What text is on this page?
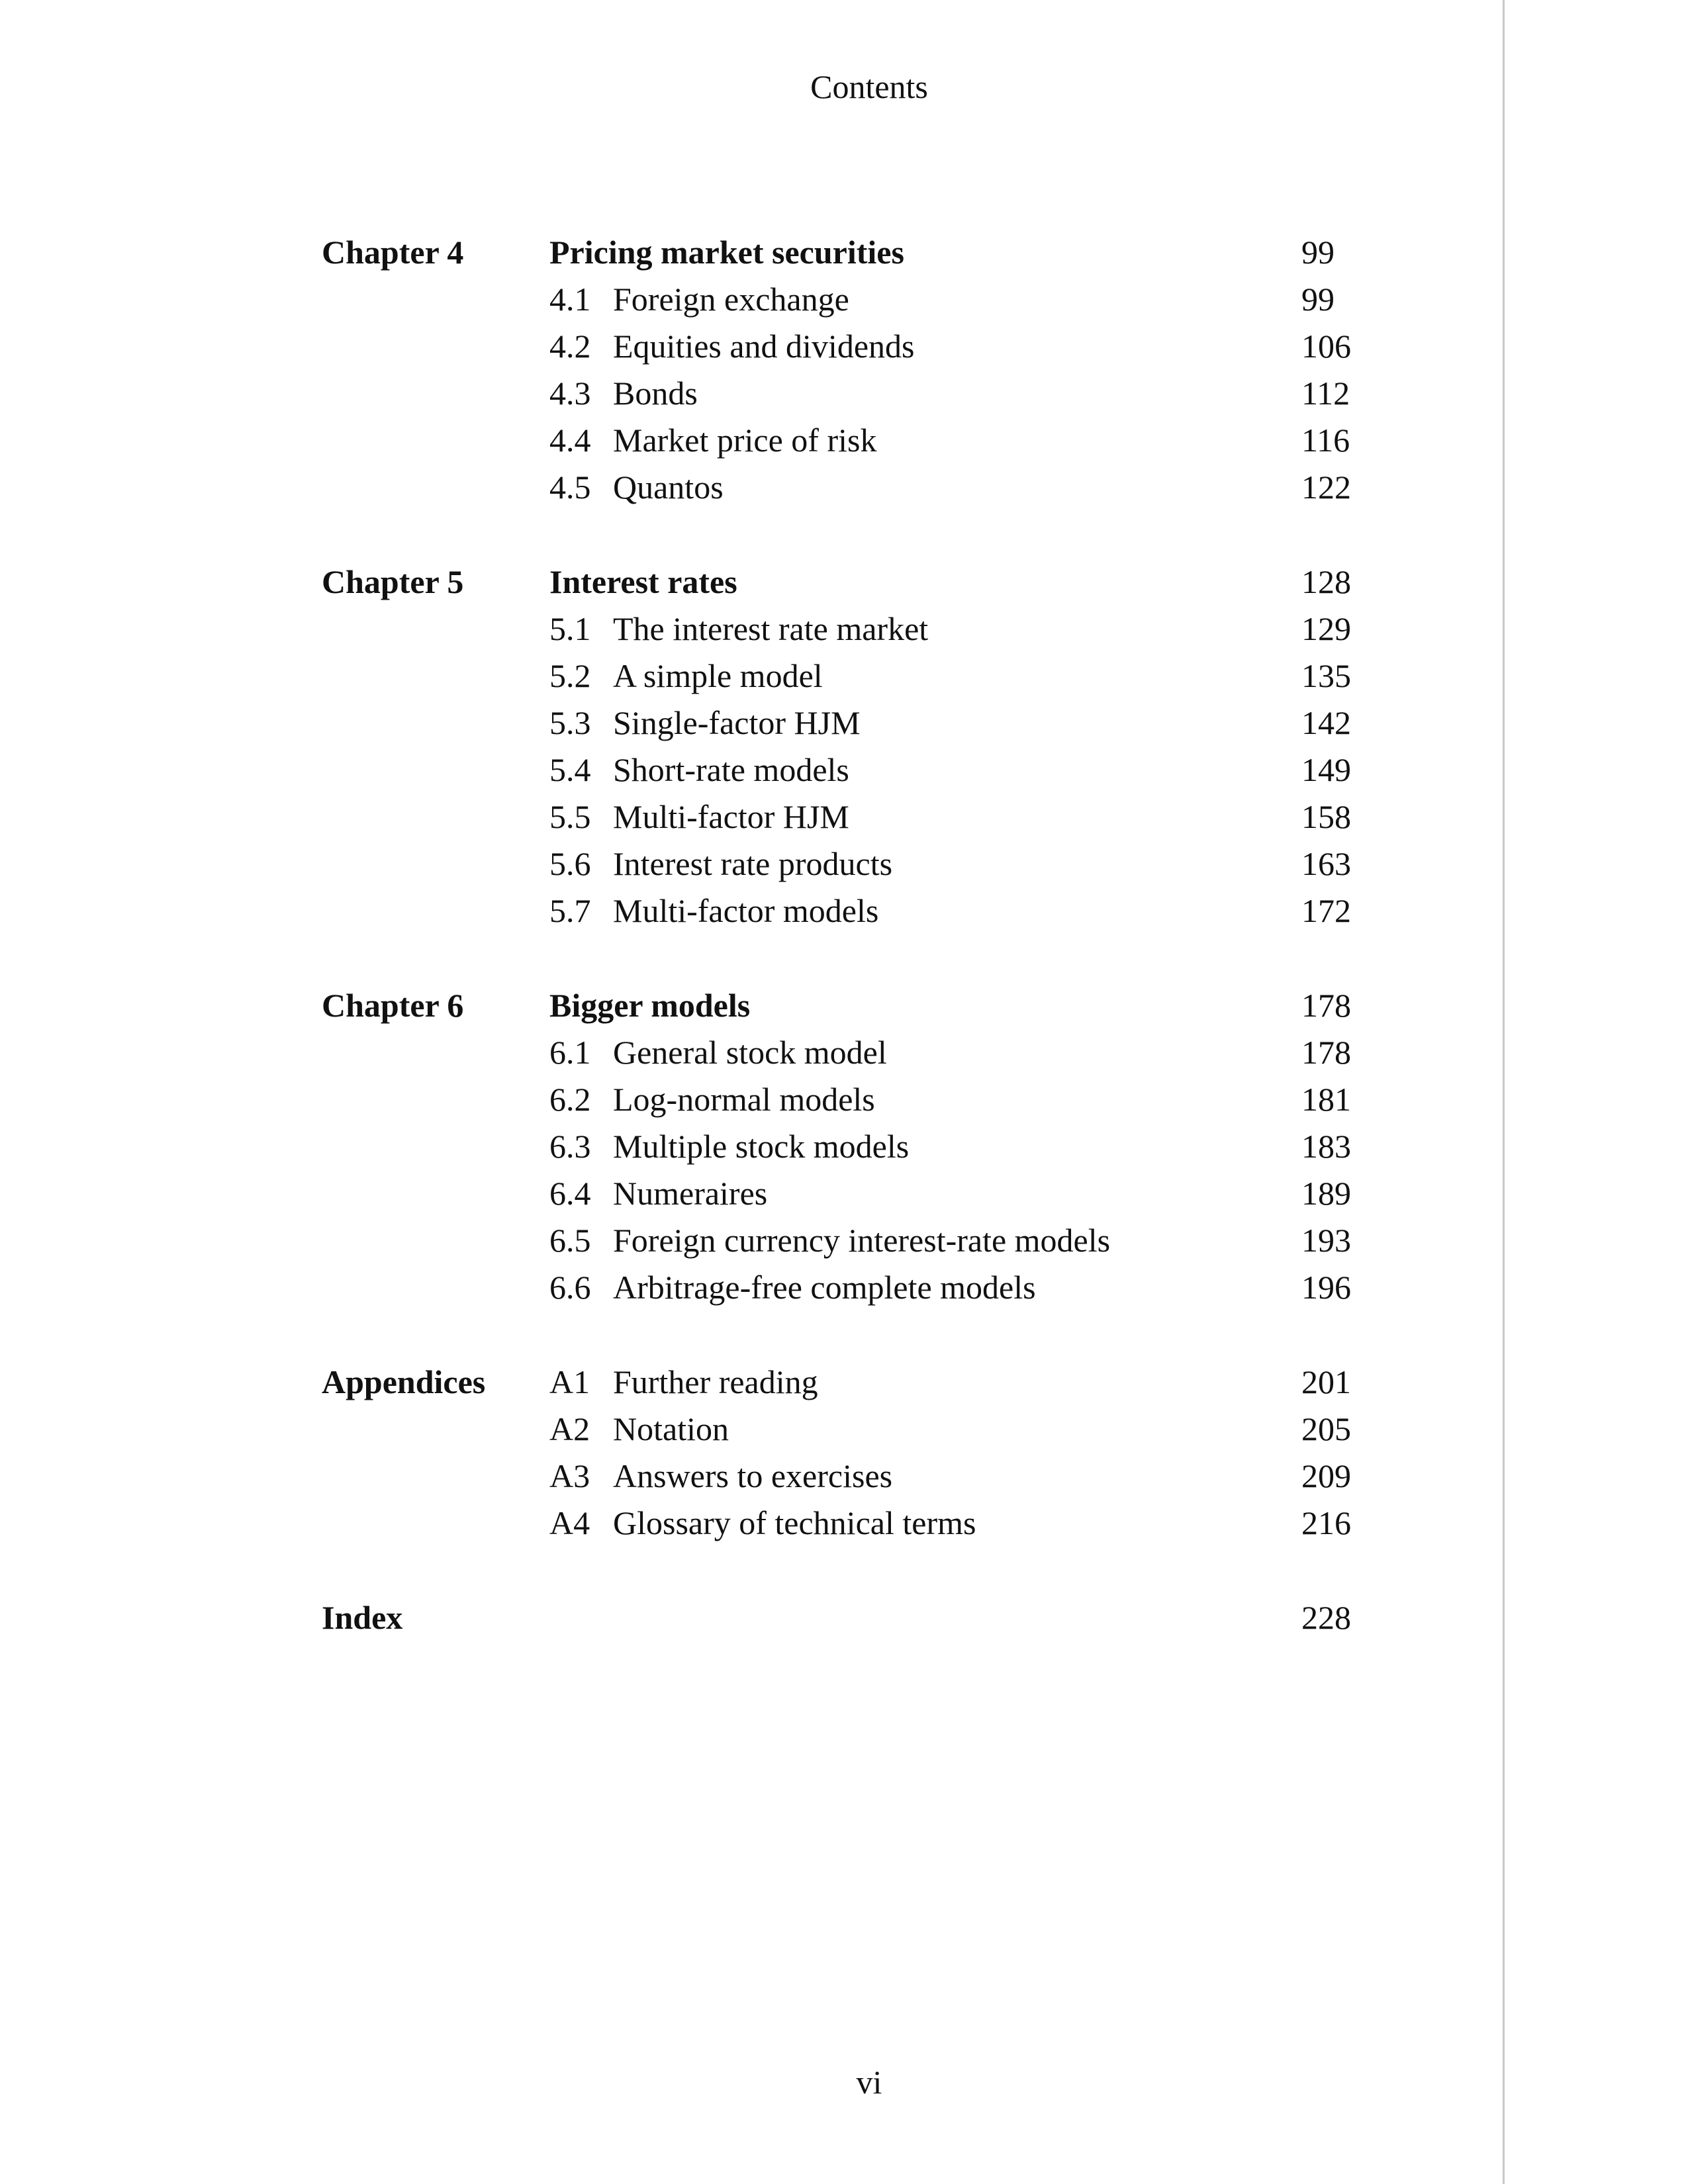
Contents
Chapter 4	Pricing market securities	99
4.1 Foreign exchange	99
4.2 Equities and dividends	106
4.3 Bonds	112
4.4 Market price of risk	116
4.5 Quantos	122
Chapter 5	Interest rates	128
5.1 The interest rate market	129
5.2 A simple model	135
5.3 Single-factor HJM	142
5.4 Short-rate models	149
5.5 Multi-factor HJM	158
5.6 Interest rate products	163
5.7 Multi-factor models	172
Chapter 6	Bigger models	178
6.1 General stock model	178
6.2 Log-normal models	181
6.3 Multiple stock models	183
6.4 Numeraires	189
6.5 Foreign currency interest-rate models	193
6.6 Arbitrage-free complete models	196
Appendices	A1 Further reading	201
A2 Notation	205
A3 Answers to exercises	209
A4 Glossary of technical terms	216
Index	228
vi
